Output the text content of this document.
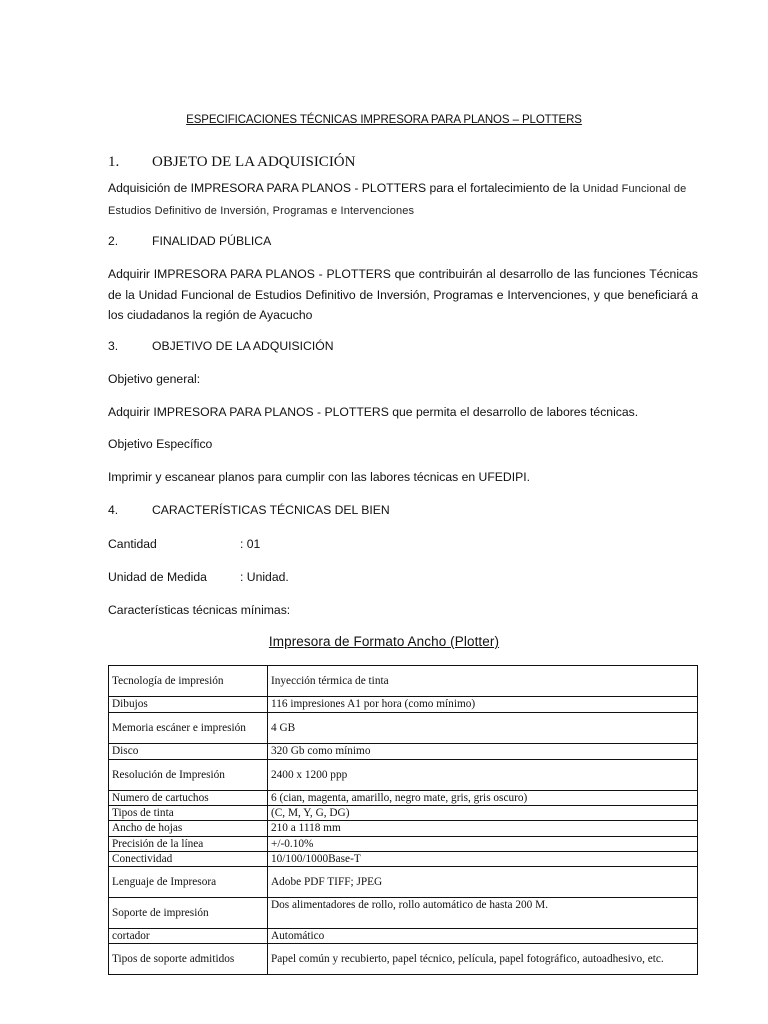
ESPECIFICACIONES TÉCNICAS IMPRESORA PARA PLANOS – PLOTTERS
1. OBJETO DE LA ADQUISICIÓN
Adquisición de IMPRESORA PARA PLANOS - PLOTTERS para el fortalecimiento de la Unidad Funcional de Estudios Definitivo de Inversión, Programas e Intervenciones
2.	FINALIDAD PÚBLICA
Adquirir IMPRESORA PARA PLANOS - PLOTTERS que contribuirán al desarrollo de las funciones Técnicas de la Unidad Funcional de Estudios Definitivo de Inversión, Programas e Intervenciones, y que beneficiará a los ciudadanos la región de Ayacucho
3.	OBJETIVO DE LA ADQUISICIÓN
Objetivo general:
Adquirir IMPRESORA PARA PLANOS - PLOTTERS que permita el desarrollo de labores técnicas.
Objetivo Específico
Imprimir y escanear planos para cumplir con las labores técnicas en UFEDIPI.
4.	CARACTERÍSTICAS TÉCNICAS DEL BIEN
Cantidad	: 01
Unidad de Medida	: Unidad.
Características técnicas mínimas:
Impresora de Formato Ancho (Plotter)
Tecnología de impresión	Inyección térmica de tinta
Dibujos	116 impresiones A1 por hora (como mínimo)
Memoria escáner e impresión	4 GB
Disco	320 Gb como mínimo
Resolución de Impresión	2400 x 1200 ppp
Numero de cartuchos	6 (cian, magenta, amarillo, negro mate, gris, gris oscuro)
Tipos de tinta	(C, M, Y, G, DG)
Ancho de hojas	210 a 1118 mm
Precisión de la línea	+/-0.10%
Conectividad	10/100/1000Base-T
Lenguaje de Impresora	Adobe PDF TIFF; JPEG
Soporte de impresión	Dos alimentadores de rollo, rollo automático de hasta 200 M.
cortador	Automático
Tipos de soporte admitidos	Papel común y recubierto, papel técnico, película, papel fotográfico, autoadhesivo, etc.
